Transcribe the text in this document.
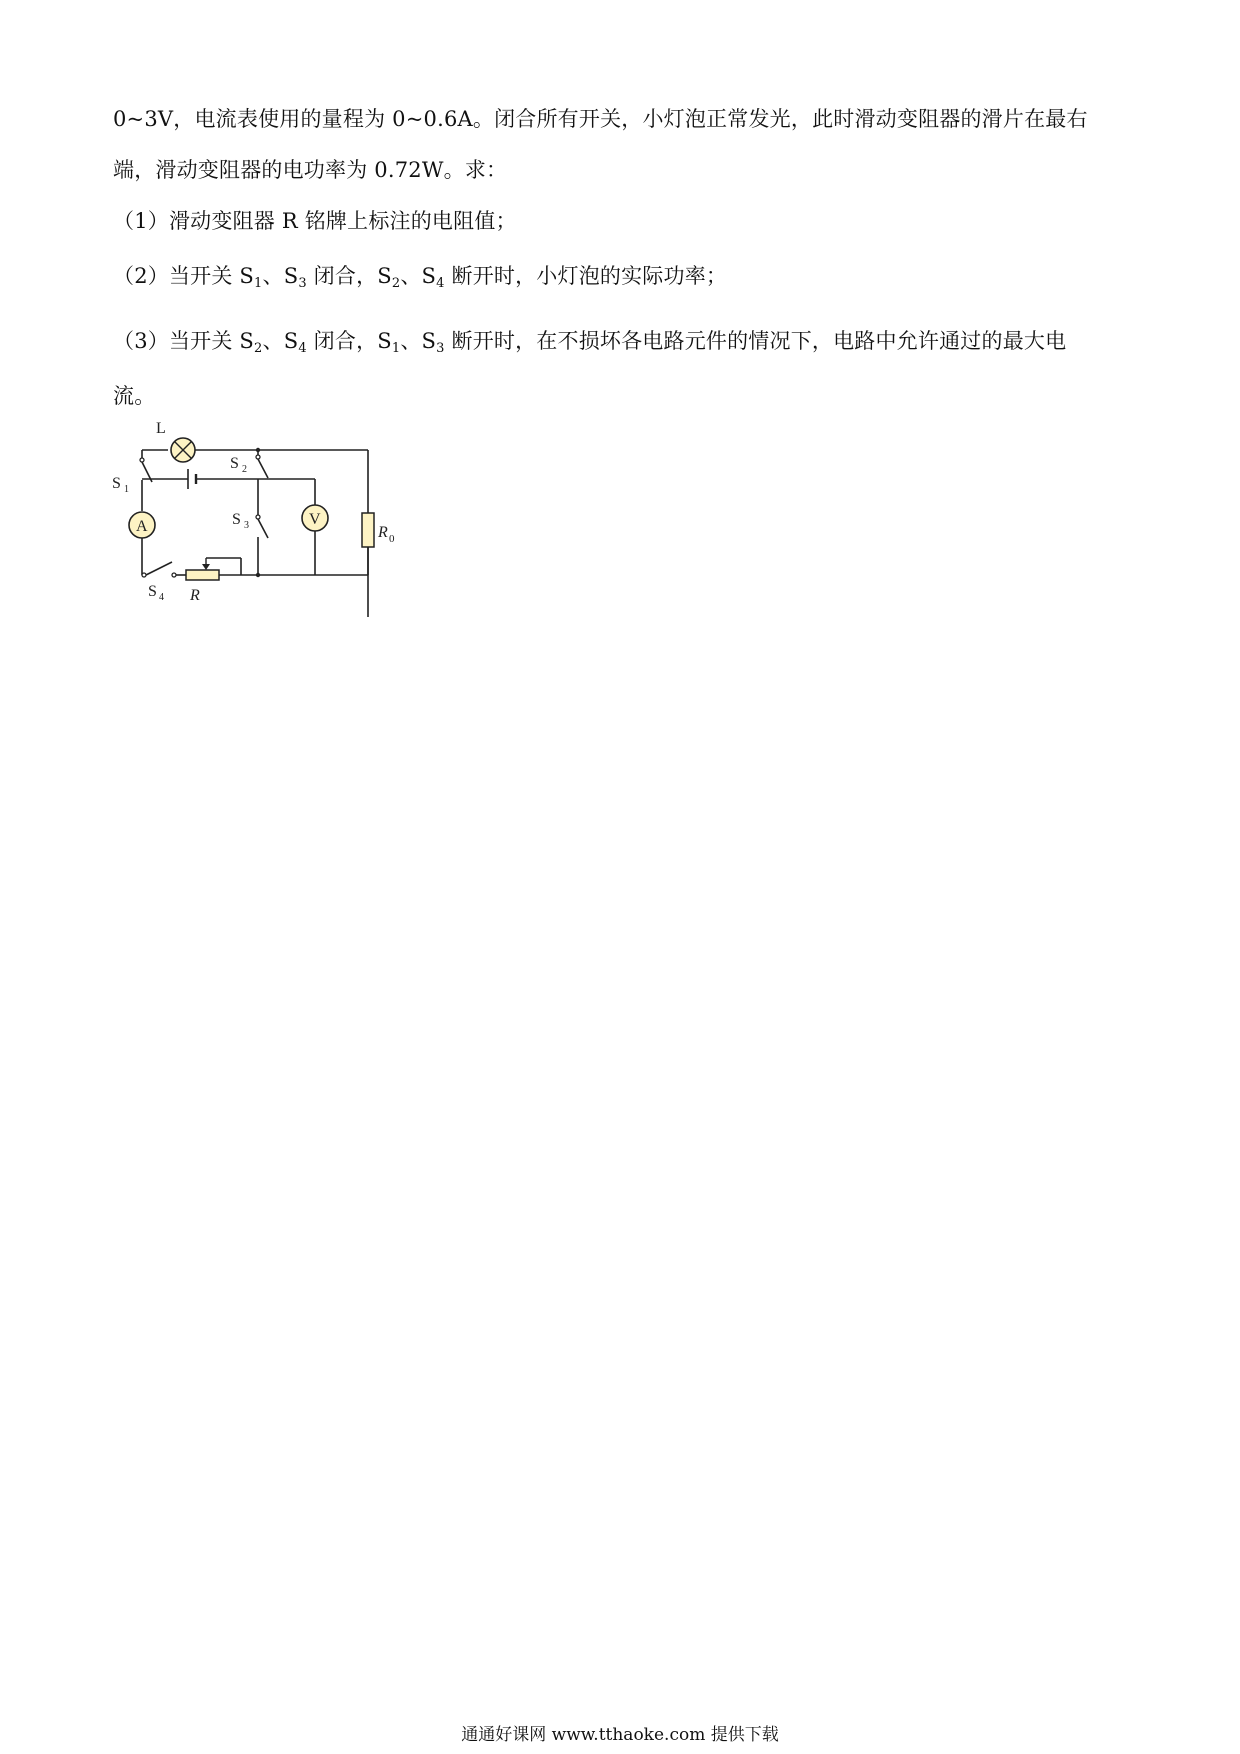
0~3V，电流表使用的量程为 0~0.6A。闭合所有开关，小灯泡正常发光，此时滑动变阻器的滑片在最右
端，滑动变阻器的电功率为 0.72W。求：
（1）滑动变阻器 R 铭牌上标注的电阻值；
（2）当开关 $S_1$、$S_3$ 闭合，$S_2$、$S_4$ 断开时，小灯泡的实际功率；
（3）当开关 $S_2$、$S_4$ 闭合，$S_1$、$S_3$ 断开时，在不损坏各电路元件的情况下，电路中允许通过的最大电
流。
L
R 0
S 1
A
S 4 R
S 2
S 3	V
通通好课网 www.tthaoke.com 提供下载
